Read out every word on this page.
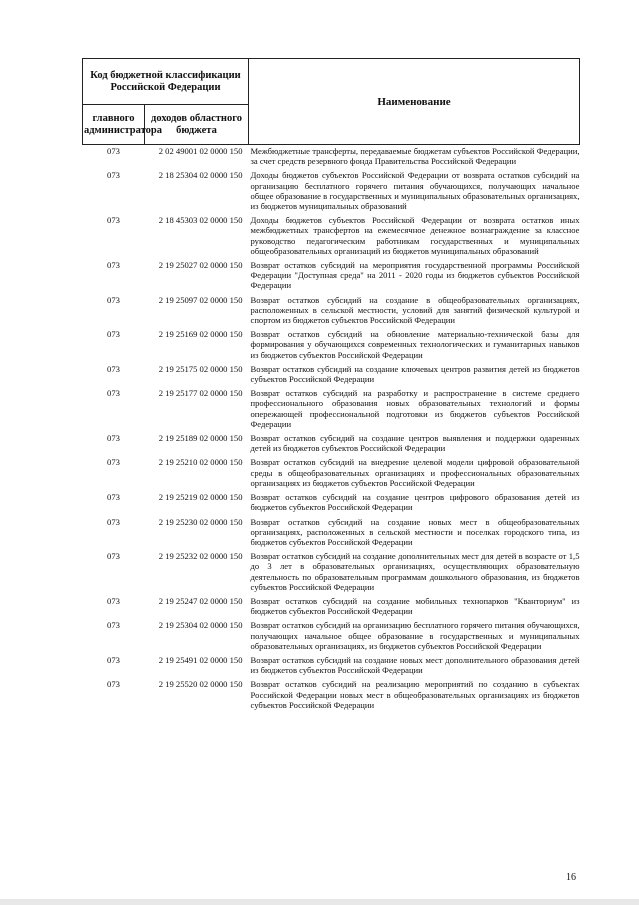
Код бюджетной классификации Российской Федерации		Наименование
главного администратора	доходов областного бюджета	
073	2 02 49001 02 0000 150	Межбюджетные трансферты, передаваемые бюджетам субъектов Российской Федерации, за счет средств резервного фонда Правительства Российской Федерации
073	2 18 25304 02 0000 150	Доходы бюджетов субъектов Российской Федерации от возврата остатков субсидий на организацию бесплатного горячего питания обучающихся, получающих начальное общее образование в государственных и муниципальных образовательных организациях, из бюджетов муниципальных образований
073	2 18 45303 02 0000 150	Доходы бюджетов субъектов Российской Федерации от возврата остатков иных межбюджетных трансфертов на ежемесячное денежное вознаграждение за классное руководство педагогическим работникам государственных и муниципальных общеобразовательных организаций из бюджетов муниципальных образований
073	2 19 25027 02 0000 150	Возврат остатков субсидий на мероприятия государственной программы Российской Федерации "Доступная среда" на 2011 - 2020 годы из бюджетов субъектов Российской Федерации
073	2 19 25097 02 0000 150	Возврат остатков субсидий на создание в общеобразовательных организациях, расположенных в сельской местности, условий для занятий физической культурой и спортом из бюджетов субъектов Российской Федерации
073	2 19 25169 02 0000 150	Возврат остатков субсидий на обновление материально-технической базы для формирования у обучающихся современных технологических и гуманитарных навыков из бюджетов субъектов Российской Федерации
073	2 19 25175 02 0000 150	Возврат остатков субсидий на создание ключевых центров развития детей из бюджетов субъектов Российской Федерации
073	2 19 25177 02 0000 150	Возврат остатков субсидий на разработку и распространение в системе среднего профессионального образования новых образовательных технологий и формы опережающей профессиональной подготовки из бюджетов субъектов Российской Федерации
073	2 19 25189 02 0000 150	Возврат остатков субсидий на создание центров выявления и поддержки одаренных детей из бюджетов субъектов Российской Федерации
073	2 19 25210 02 0000 150	Возврат остатков субсидий на внедрение целевой модели цифровой образовательной среды в общеобразовательных организациях и профессиональных образовательных организациях из бюджетов субъектов Российской Федерации
073	2 19 25219 02 0000 150	Возврат остатков субсидий на создание центров цифрового образования детей из бюджетов субъектов Российской Федерации
073	2 19 25230 02 0000 150	Возврат остатков субсидий на создание новых мест в общеобразовательных организациях, расположенных в сельской местности и поселках городского типа, из бюджетов субъектов Российской Федерации
073	2 19 25232 02 0000 150	Возврат остатков субсидий на создание дополнительных мест для детей в возрасте от 1,5 до 3 лет в образовательных организациях, осуществляющих образовательную деятельность по образовательным программам дошкольного образования, из бюджетов субъектов Российской Федерации
073	2 19 25247 02 0000 150	Возврат остатков субсидий на создание мобильных технопарков "Кванториум" из бюджетов субъектов Российской Федерации
073	2 19 25304 02 0000 150	Возврат остатков субсидий на организацию бесплатного горячего питания обучающихся, получающих начальное общее образование в государственных и муниципальных образовательных организациях, из бюджетов субъектов Российской Федерации
073	2 19 25491 02 0000 150	Возврат остатков субсидий на создание новых мест дополнительного образования детей из бюджетов субъектов Российской Федерации
073	2 19 25520 02 0000 150	Возврат остатков субсидий на реализацию мероприятий по созданию в субъектах Российской Федерации новых мест в общеобразовательных организациях из бюджетов субъектов Российской Федерации
16
